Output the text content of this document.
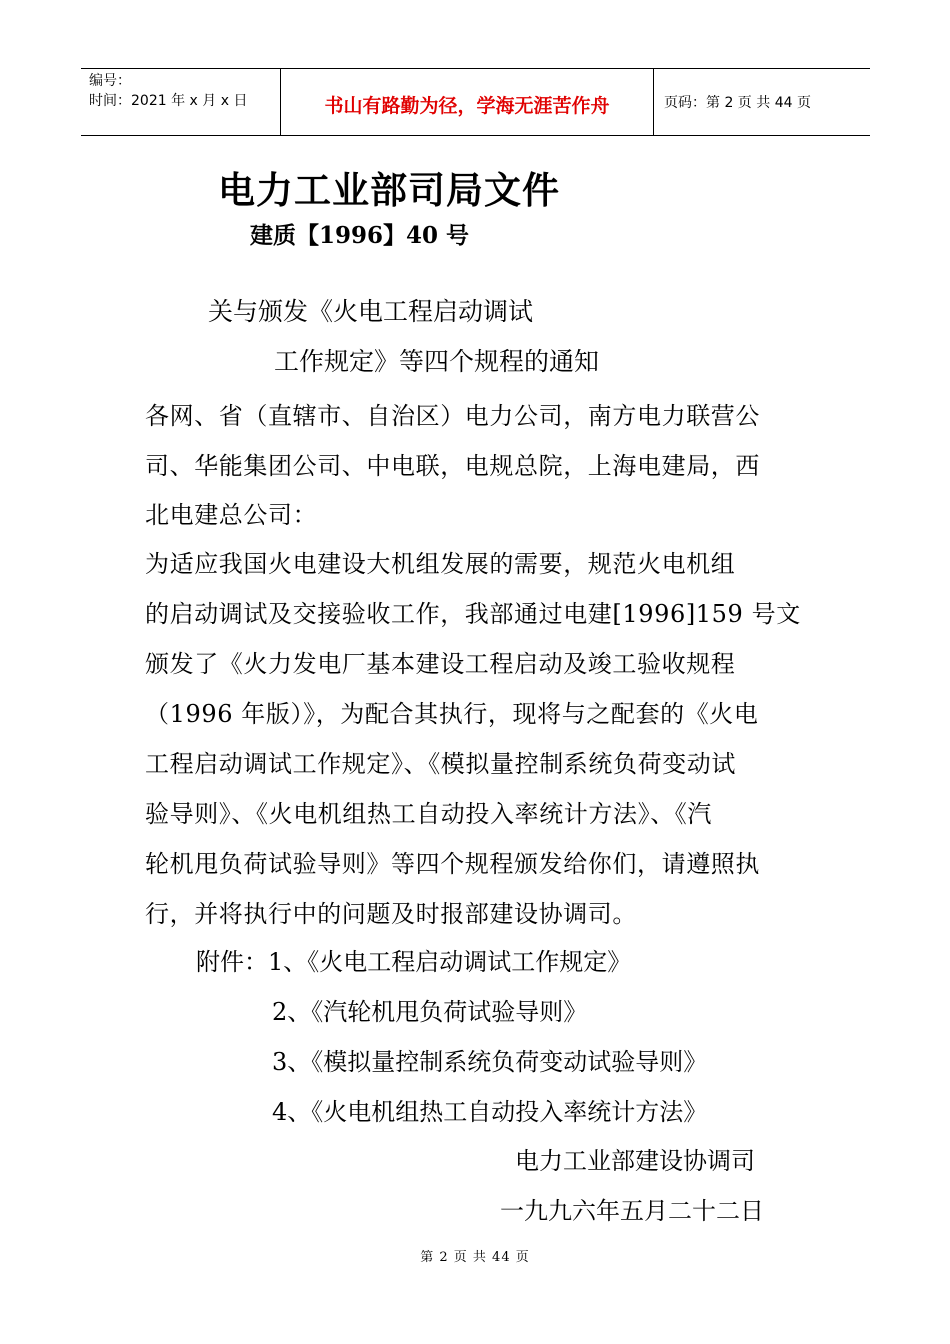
编号：
时间：2021 年 x 月 x 日	书山有路勤为径，学海无涯苦作舟	页码：第 2 页 共 44 页
电力工业部司局文件

建质【1996】40 号

关与颁发《火电工程启动调试

工作规定》等四个规程的通知

各网、省（直辖市、自治区）电力公司，南方电力联营公

司、华能集团公司、中电联，电规总院，上海电建局，西

北电建总公司：

为适应我国火电建设大机组发展的需要，规范火电机组

的启动调试及交接验收工作，我部通过电建[1996]159 号文

颁发了《火力发电厂基本建设工程启动及竣工验收规程

（1996 年版）》，为配合其执行，现将与之配套的《火电

工程启动调试工作规定》、《模拟量控制系统负荷变动试

验导则》、《火电机组热工自动投入率统计方法》、《汽

轮机甩负荷试验导则》等四个规程颁发给你们，请遵照执

行，并将执行中的问题及时报部建设协调司。

附件：1、《火电工程启动调试工作规定》

2、《汽轮机甩负荷试验导则》

3、《模拟量控制系统负荷变动试验导则》

4、《火电机组热工自动投入率统计方法》

电力工业部建设协调司

一九九六年五月二十二日

第 2 页 共 44 页
